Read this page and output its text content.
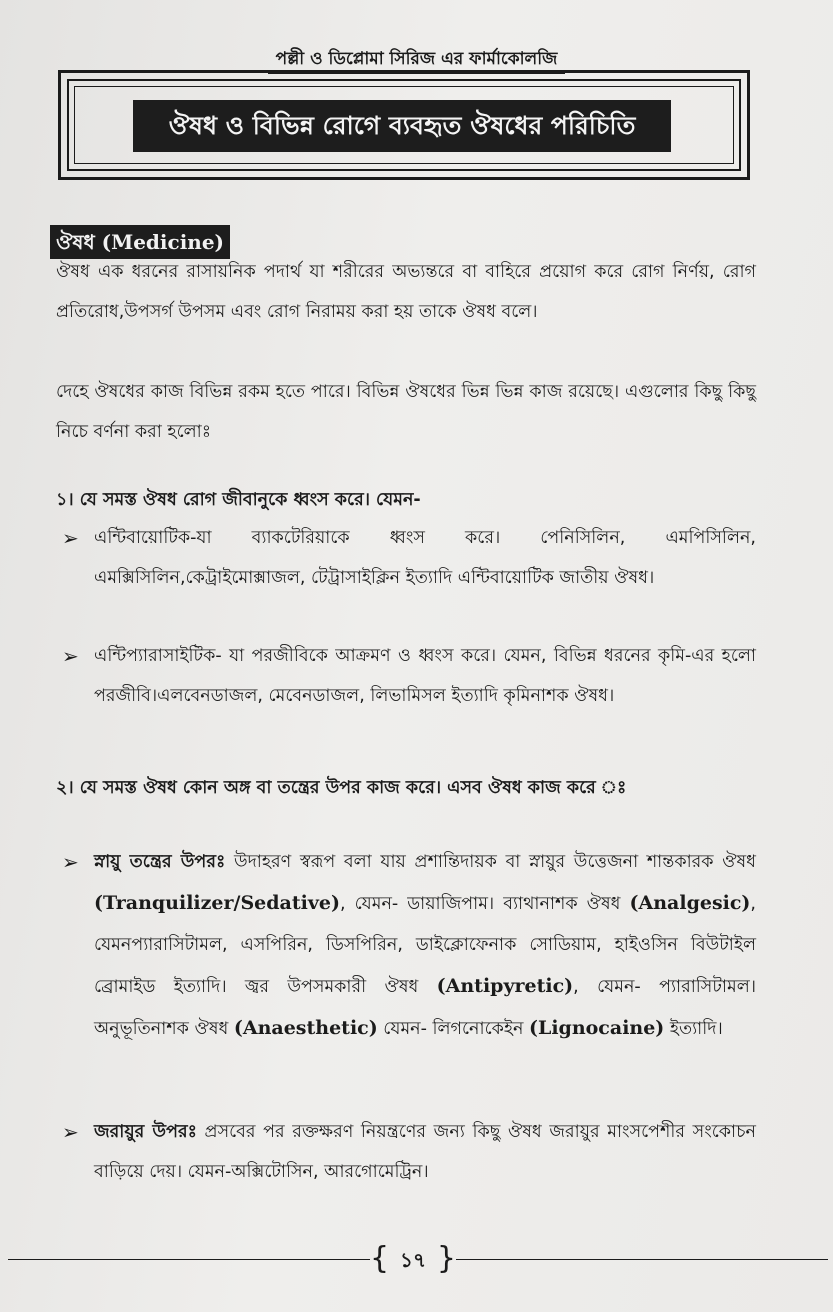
পল্লী ও ডিপ্লোমা সিরিজ এর ফার্মাকোলজি
ঔষধ ও বিভিন্ন রোগে ব্যবহৃত ঔষধের পরিচিতি
ঔষধ (Medicine)
ঔষধ এক ধরনের রাসায়নিক পদার্থ যা শরীরের অভ্যন্তরে বা বাহিরে প্রয়োগ করে রোগ নির্ণয়, রোগ প্রতিরোধ,উপসর্গ উপসম এবং রোগ নিরাময় করা হয় তাকে ঔষধ বলে।
দেহে ঔষধের কাজ বিভিন্ন রকম হতে পারে। বিভিন্ন ঔষধের ভিন্ন ভিন্ন কাজ রয়েছে। এগুলোর কিছু কিছু নিচে বর্ণনা করা হলোঃ
১। যে সমস্ত ঔষধ রোগ জীবানুকে ধ্বংস করে। যেমন-
➢ এন্টিবায়োটিক-যা ব্যাকটেরিয়াকে ধ্বংস করে। পেনিসিলিন, এমপিসিলিন, এমক্সিসিলিন,কেট্রাইমোক্সাজল, টেট্রাসাইক্লিন ইত্যাদি এন্টিবায়োটিক জাতীয় ঔষধ।
➢ এন্টিপ্যারাসাইটিক- যা পরজীবিকে আক্রমণ ও ধ্বংস করে। যেমন, বিভিন্ন ধরনের কৃমি-এর হলো পরজীবি।এলবেনডাজল, মেবেনডাজল, লিভামিসল ইত্যাদি কৃমিনাশক ঔষধ।
২। যে সমস্ত ঔষধ কোন অঙ্গ বা তন্ত্রের উপর কাজ করে। এসব ঔষধ কাজ করে ঃ
➢ স্নায়ু তন্ত্রের উপরঃ উদাহরণ স্বরূপ বলা যায় প্রশান্তিদায়ক বা স্নায়ুর উত্তেজনা শান্তকারক ঔষধ (Tranquilizer/Sedative), যেমন- ডায়াজিপাম। ব্যাথানাশক ঔষধ (Analgesic), যেমনপ্যারাসিটামল, এসপিরিন, ডিসপিরিন, ডাইক্লোফেনাক সোডিয়াম, হাইওসিন বিউটাইল ব্রোমাইড ইত্যাদি। জ্বর উপসমকারী ঔষধ (Antipyretic), যেমন- প্যারাসিটামল। অনুভূতিনাশক ঔষধ (Anaesthetic) যেমন- লিগনোকেইন (Lignocaine) ইত্যাদি।
➢ জরায়ুর উপরঃ প্রসবের পর রক্তক্ষরণ নিয়ন্ত্রণের জন্য কিছু ঔষধ জরায়ুর মাংসপেশীর সংকোচন বাড়িয়ে দেয়। যেমন-অক্সিটোসিন, আরগোমেট্রিন।
{ ১৭ }
